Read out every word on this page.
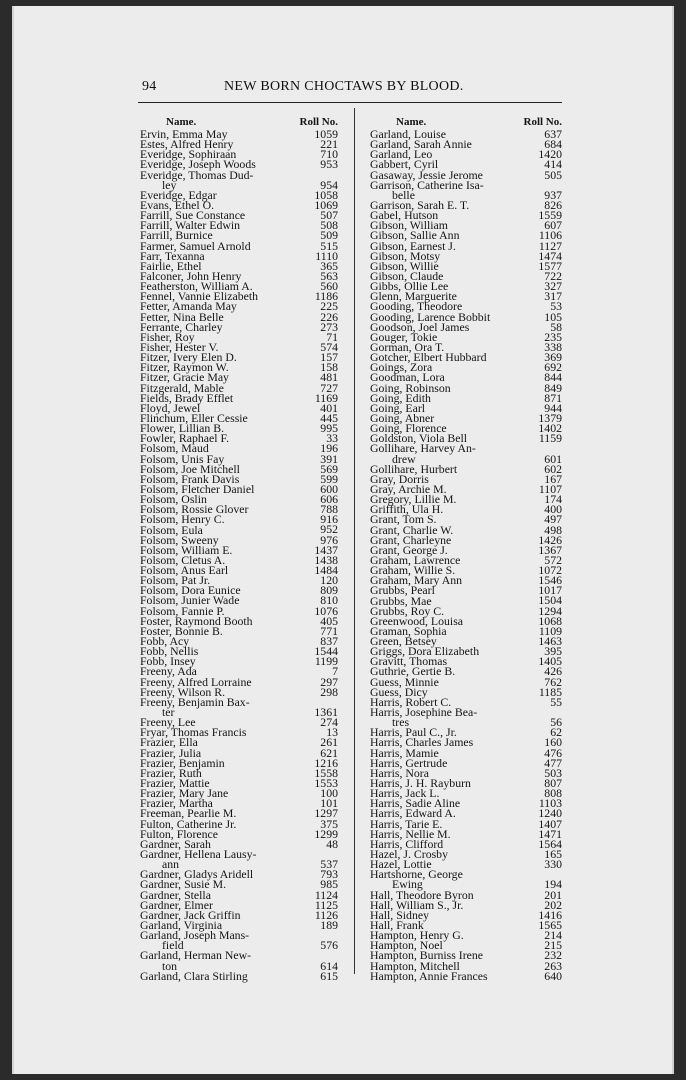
94	NEW BORN CHOCTAWS BY BLOOD.
Name.	Roll No.
Ervin, Emma May	1059
Estes, Alfred Henry	221
Everidge, Sophiraan	710
Everidge, Joseph Woods	953
Everidge, Thomas Dud-
ley	954
Everidge, Edgar	1058
Evans, Ethel O.	1069
Farrill, Sue Constance	507
Farrill, Walter Edwin	508
Farrill, Burnice	509
Farmer, Samuel Arnold	515
Farr, Texanna	1110
Fairlie, Ethel	365
Falconer, John Henry	563
Featherston, William A.	560
Fennel, Vannie Elizabeth	1186
Fetter, Amanda May	225
Fetter, Nina Belle	226
Ferrante, Charley	273
Fisher, Roy	71
Fisher, Hester V.	574
Fitzer, Ivery Elen D.	157
Fitzer, Raymon W.	158
Fitzer, Gracie May	481
Fitzgerald, Mable	727
Fields, Brady Efflet	1169
Floyd, Jewel	401
Flinchum, Eller Cessie	445
Flower, Lillian B.	995
Fowler, Raphael F.	33
Folsom, Maud	196
Folsom, Unis Fay	391
Folsom, Joe Mitchell	569
Folsom, Frank Davis	599
Folsom, Fletcher Daniel	600
Folsom, Oslin	606
Folsom, Rossie Glover	788
Folsom, Henry C.	916
Folsom, Eula	952
Folsom, Sweeny	976
Folsom, William E.	1437
Folsom, Cletus A.	1438
Folsom, Anus Earl	1484
Folsom, Pat Jr.	120
Folsom, Dora Eunice	809
Folsom, Junier Wade	810
Folsom, Fannie P.	1076
Foster, Raymond Booth	405
Foster, Bonnie B.	771
Fobb, Acy	837
Fobb, Nellis	1544
Fobb, Insey	1199
Freeny, Ada	7
Freeny, Alfred Lorraine	297
Freeny, Wilson R.	298
Freeny, Benjamin Bax-
ter	1361
Freeny, Lee	274
Fryar, Thomas Francis	13
Frazier, Ella	261
Frazier, Julia	621
Frazier, Benjamin	1216
Frazier, Ruth	1558
Frazier, Mattie	1553
Frazier, Mary Jane	100
Frazier, Martha	101
Freeman, Pearlie M.	1297
Fulton, Catherine Jr.	375
Fulton, Florence	1299
Gardner, Sarah	48
Gardner, Hellena Lausy-
ann	537
Gardner, Gladys Aridell	793
Gardner, Susie M.	985
Gardner, Stella	1124
Gardner, Elmer	1125
Gardner, Jack Griffin	1126
Garland, Virginia	189
Garland, Joseph Mans-
field	576
Garland, Herman New-
ton	614
Garland, Clara Stirling	615
Name.	Roll No.
Garland, Louise	637
Garland, Sarah Annie	684
Garland, Leo	1420
Gabbert, Cyril	414
Gasaway, Jessie Jerome	505
Garrison, Catherine Isa-
belle	937
Garrison, Sarah E. T.	826
Gabel, Hutson	1559
Gibson, William	607
Gibson, Sallie Ann	1106
Gibson, Earnest J.	1127
Gibson, Motsy	1474
Gibson, Willie	1577
Gibson, Claude	722
Gibbs, Ollie Lee	327
Glenn, Marguerite	317
Gooding, Theodore	53
Gooding, Larence Bobbit	105
Goodson, Joel James	58
Gouger, Tokie	235
Gorman, Ora T.	338
Gotcher, Elbert Hubbard	369
Goings, Zora	692
Goodman, Lora	844
Going, Robinson	849
Going, Edith	871
Going, Earl	944
Going, Abner	1379
Going, Florence	1402
Goldston, Viola Bell	1159
Gollihare, Harvey An-
drew	601
Gollihare, Hurbert	602
Gray, Dorris	167
Gray, Archie M.	1107
Gregory, Lillie M.	174
Griffith, Ula H.	400
Grant, Tom S.	497
Grant, Charlie W.	498
Grant, Charleyne	1426
Grant, George J.	1367
Graham, Lawrence	572
Graham, Willie S.	1072
Graham, Mary Ann	1546
Grubbs, Pearl	1017
Grubbs, Mae	1504
Grubbs, Roy C.	1294
Greenwood, Louisa	1068
Graman, Sophia	1109
Green, Betsey	1463
Griggs, Dora Elizabeth	395
Gravitt, Thomas	1405
Guthrie, Gertie B.	426
Guess, Minnie	762
Guess, Dicy	1185
Harris, Robert C.	55
Harris, Josephine Bea-
tres	56
Harris, Paul C., Jr.	62
Harris, Charles James	160
Harris, Mamie	476
Harris, Gertrude	477
Harris, Nora	503
Harris, J. H. Rayburn	807
Harris, Jack L.	808
Harris, Sadie Aline	1103
Harris, Edward A.	1240
Harris, Tarie E.	1407
Harris, Nellie M.	1471
Harris, Clifford	1564
Hazel, J. Crosby	165
Hazel, Lottie	330
Hartshorne, George
Ewing	194
Hall, Theodore Byron	201
Hall, William S., Jr.	202
Hall, Sidney	1416
Hall, Frank	1565
Hampton, Henry G.	214
Hampton, Noel	215
Hampton, Burniss Irene	232
Hampton, Mitchell	263
Hampton, Annie Frances	640
